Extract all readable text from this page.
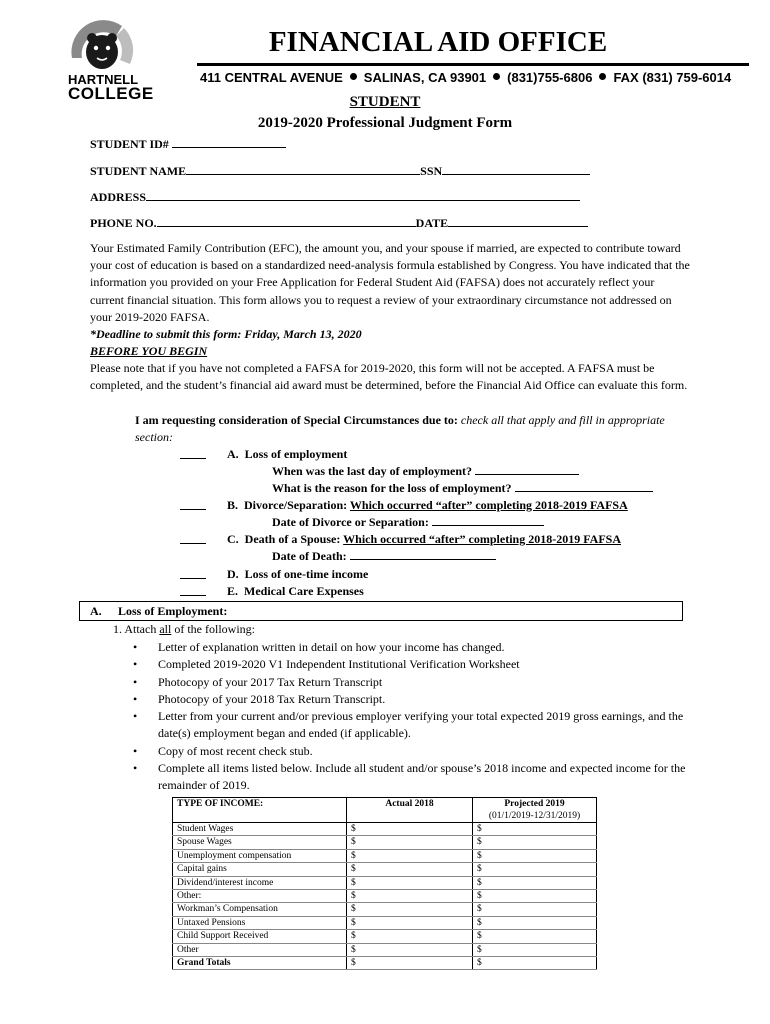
HARTNELL
COLLEGE
FINANCIAL AID OFFICE
411 CENTRAL AVENUE SALINAS, CA 93901 (831)755-6806 FAX (831) 759-6014
STUDENT
2019-2020 Professional Judgment Form
STUDENT ID#
STUDENT NAME	SSN
ADDRESS
PHONE NO.	DATE
Your Estimated Family Contribution (EFC), the amount you, and your spouse if married, are expected to contribute toward your cost of education is based on a standardized need-analysis formula established by Congress. You have indicated that the information you provided on your Free Application for Federal Student Aid (FAFSA) does not accurately reflect your current financial situation. This form allows you to request a review of your extraordinary circumstance not addressed on your 2019-2020 FAFSA.
*Deadline to submit this form: Friday, March 13, 2020
BEFORE YOU BEGIN
Please note that if you have not completed a FAFSA for 2019-2020, this form will not be accepted. A FAFSA must be completed, and the student’s financial aid award must be determined, before the Financial Aid Office can evaluate this form.
I am requesting consideration of Special Circumstances due to: check all that apply and fill in appropriate section:
A. Loss of employment
When was the last day of employment?
What is the reason for the loss of employment?
B. Divorce/Separation: Which occurred “after” completing 2018-2019 FAFSA
Date of Divorce or Separation:
C. Death of a Spouse: Which occurred “after” completing 2018-2019 FAFSA
Date of Death:
D. Loss of one-time income
E. Medical Care Expenses
A. Loss of Employment:
1. Attach all of the following:
• Letter of explanation written in detail on how your income has changed.
• Completed 2019-2020 V1 Independent Institutional Verification Worksheet
• Photocopy of your 2017 Tax Return Transcript
• Photocopy of your 2018 Tax Return Transcript.
• Letter from your current and/or previous employer verifying your total expected 2019 gross earnings, and the date(s) employment began and ended (if applicable).
• Copy of most recent check stub.
• Complete all items listed below. Include all student and/or spouse’s 2018 income and expected income for the remainder of 2019.
TYPE OF INCOME:	Actual 2018	Projected 2019
(01/1/2019-12/31/2019)

Student Wages	$	$
Spouse Wages	$	$
Unemployment compensation	$	$
Capital gains	$	$
Dividend/interest income	$	$
Other:	$	$
Workman’s Compensation	$	$
Untaxed Pensions	$	$
Child Support Received	$	$
Other	$	$
Grand Totals	$	$
